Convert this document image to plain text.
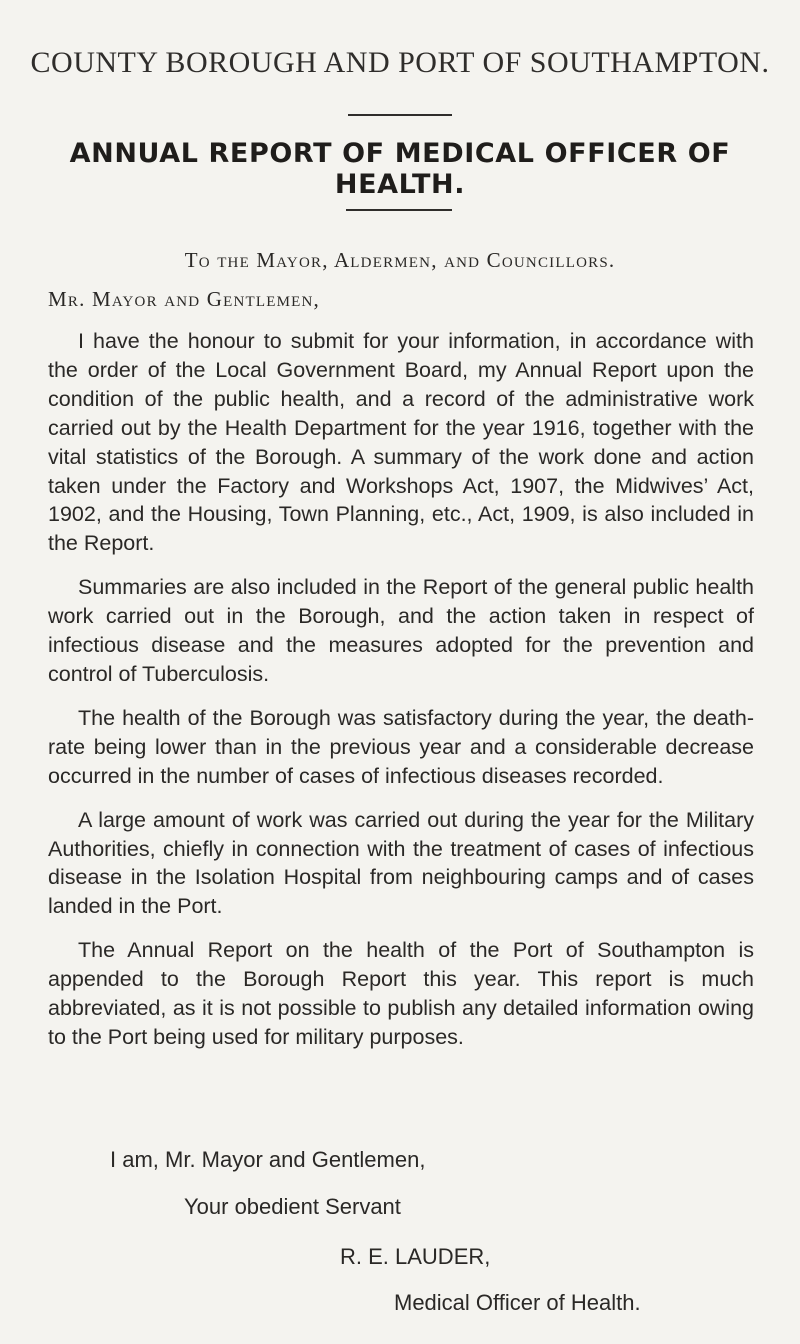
COUNTY BOROUGH AND PORT OF SOUTHAMPTON.
ANNUAL REPORT OF MEDICAL OFFICER OF HEALTH.
To the Mayor, Aldermen, and Councillors.
Mr. Mayor and Gentlemen,

I have the honour to submit for your information, in accordance with the order of the Local Government Board, my Annual Report upon the condition of the public health, and a record of the administrative work carried out by the Health Department for the year 1916, together with the vital statistics of the Borough. A summary of the work done and action taken under the Factory and Workshops Act, 1907, the Midwives’ Act, 1902, and the Housing, Town Planning, etc., Act, 1909, is also included in the Report.

Summaries are also included in the Report of the general public health work carried out in the Borough, and the action taken in respect of infectious disease and the measures adopted for the prevention and control of Tuberculosis.

The health of the Borough was satisfactory during the year, the death-rate being lower than in the previous year and a considerable decrease occurred in the number of cases of infectious diseases recorded.

A large amount of work was carried out during the year for the Military Authorities, chiefly in connection with the treatment of cases of infectious disease in the Isolation Hospital from neighbouring camps and of cases landed in the Port.

The Annual Report on the health of the Port of Southampton is appended to the Borough Report this year. This report is much abbreviated, as it is not possible to publish any detailed information owing to the Port being used for military purposes.

I am, Mr. Mayor and Gentlemen,
Your obedient Servant
R. E. LAUDER,
Medical Officer of Health.
